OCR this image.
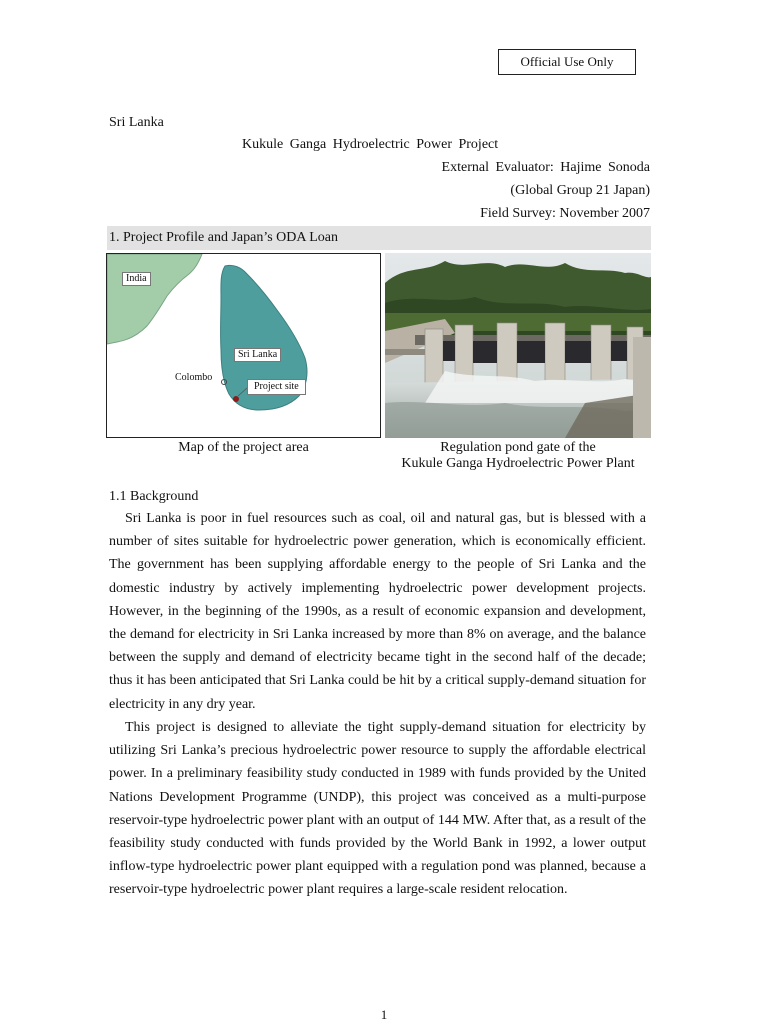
Official Use Only
Sri Lanka
Kukule Ganga Hydroelectric Power Project
External Evaluator: Hajime Sonoda
(Global Group 21 Japan)
Field Survey: November 2007
1. Project Profile and Japan’s ODA Loan
India
Sri Lanka
Colombo
Project site
Map of the project area	Regulation pond gate of the
Kukule Ganga Hydroelectric Power Plant
1.1 Background

Sri Lanka is poor in fuel resources such as coal, oil and natural gas, but is blessed with a number of sites suitable for hydroelectric power generation, which is economically efficient. The government has been supplying affordable energy to the people of Sri Lanka and the domestic industry by actively implementing hydroelectric power development projects. However, in the beginning of the 1990s, as a result of economic expansion and development, the demand for electricity in Sri Lanka increased by more than 8% on average, and the balance between the supply and demand of electricity became tight in the second half of the decade; thus it has been anticipated that Sri Lanka could be hit by a critical supply-demand situation for electricity in any dry year.

This project is designed to alleviate the tight supply-demand situation for electricity by utilizing Sri Lanka’s precious hydroelectric power resource to supply the affordable electrical power. In a preliminary feasibility study conducted in 1989 with funds provided by the United Nations Development Programme (UNDP), this project was conceived as a multi-purpose reservoir-type hydroelectric power plant with an output of 144 MW. After that, as a result of the feasibility study conducted with funds provided by the World Bank in 1992, a lower output inflow-type hydroelectric power plant equipped with a regulation pond was planned, because a reservoir-type hydroelectric power plant requires a large-scale resident relocation.

1
